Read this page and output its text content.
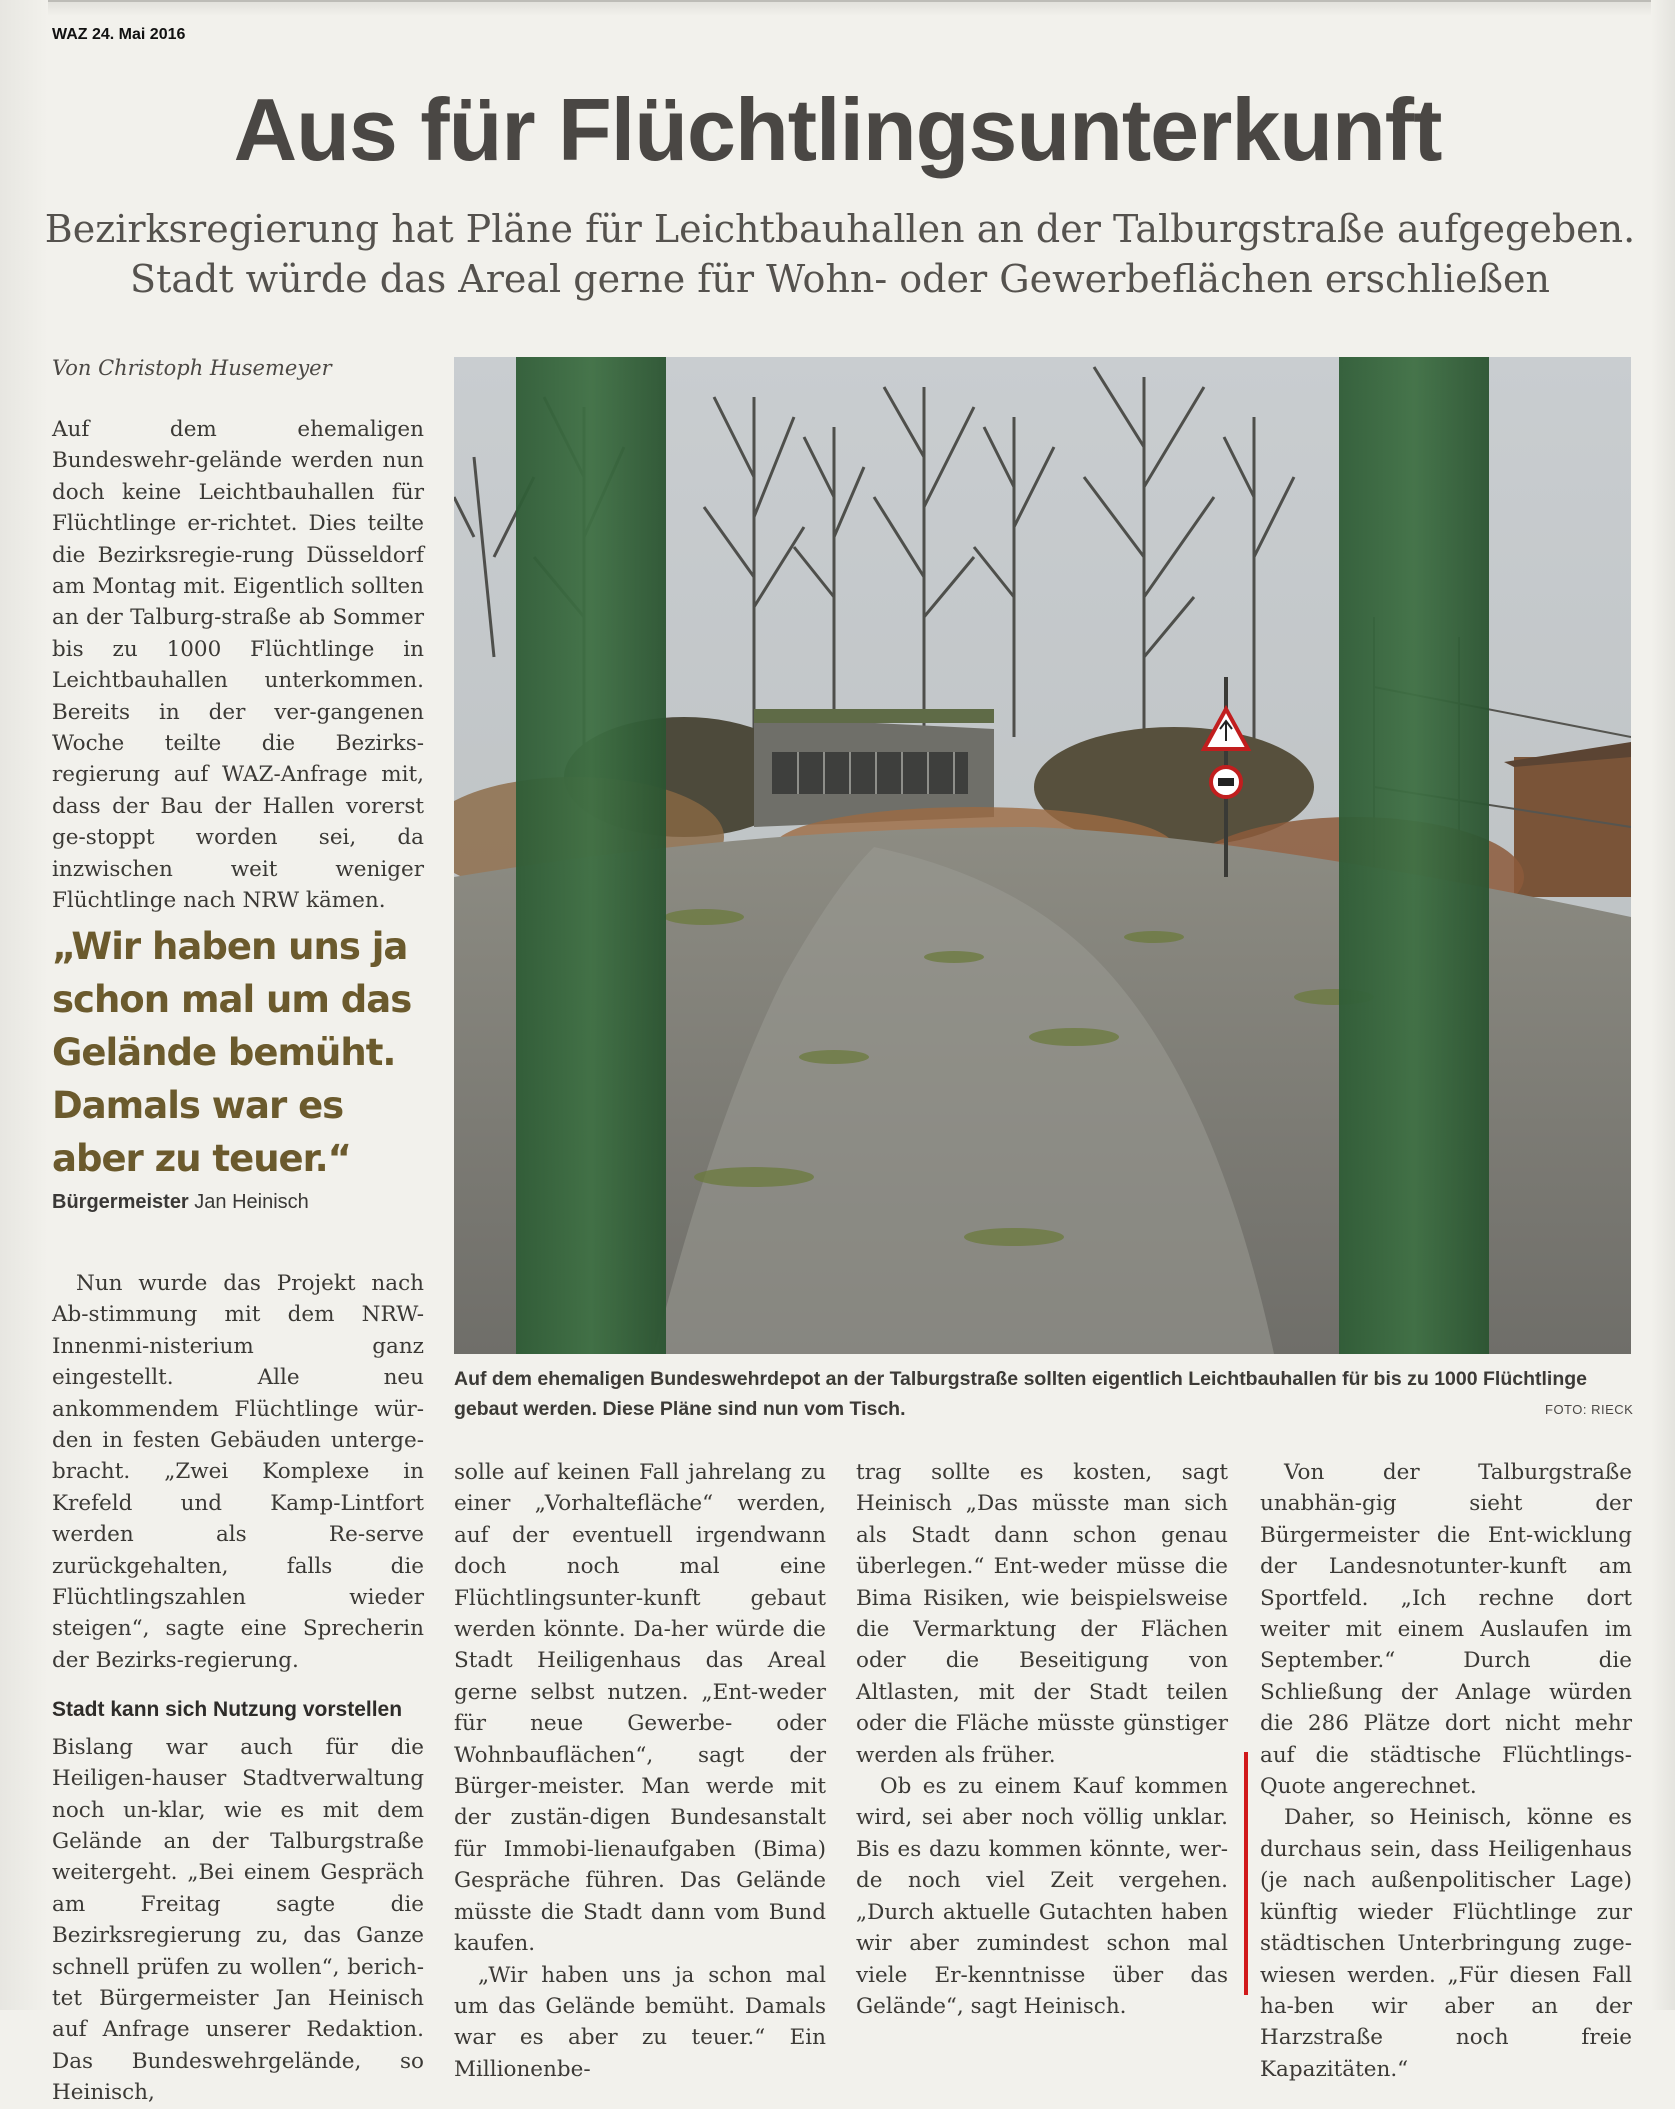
WAZ 24. Mai 2016
Aus für Flüchtlingsunterkunft
Bezirksregierung hat Pläne für Leichtbauhallen an der Talburgstraße aufgegeben.
Stadt würde das Areal gerne für Wohn- oder Gewerbeflächen erschließen
Von Christoph Husemeyer

Auf dem ehemaligen Bundeswehr-gelände werden nun doch keine Leichtbauhallen für Flüchtlinge er-richtet. Dies teilte die Bezirksregie-rung Düsseldorf am Montag mit. Eigentlich sollten an der Talburg-straße ab Sommer bis zu 1000 Flüchtlinge in Leichtbauhallen unterkommen. Bereits in der ver-gangenen Woche teilte die Bezirks-regierung auf WAZ-Anfrage mit, dass der Bau der Hallen vorerst ge-stoppt worden sei, da inzwischen weit weniger Flüchtlinge nach NRW kämen.

„Wir haben uns ja schon mal um das Gelände bemüht. Damals war es aber zu teuer.“
Bürgermeister Jan Heinisch

Nun wurde das Projekt nach Ab-stimmung mit dem NRW-Innenmi-nisterium ganz eingestellt. Alle neu ankommendem Flüchtlinge wür-den in festen Gebäuden unterge-bracht. „Zwei Komplexe in Krefeld und Kamp-Lintfort werden als Re-serve zurückgehalten, falls die Flüchtlingszahlen wieder steigen“, sagte eine Sprecherin der Bezirks-regierung.

Stadt kann sich Nutzung vorstellen

Bislang war auch für die Heiligen-hauser Stadtverwaltung noch un-klar, wie es mit dem Gelände an der Talburgstraße weitergeht. „Bei einem Gespräch am Freitag sagte die Bezirksregierung zu, das Ganze schnell prüfen zu wollen“, berich-tet Bürgermeister Jan Heinisch auf Anfrage unserer Redaktion. Das Bundeswehrgelände, so Heinisch,

Auf dem ehemaligen Bundeswehrdepot an der Talburgstraße sollten eigentlich Leichtbauhallen für bis zu 1000 Flüchtlinge gebaut werden. Diese Pläne sind nun vom Tisch.	FOTO: RIECK

solle auf keinen Fall jahrelang zu einer „Vorhaltefläche“ werden, auf der eventuell irgendwann doch noch mal eine Flüchtlingsunter-kunft gebaut werden könnte. Da-her würde die Stadt Heiligenhaus das Areal gerne selbst nutzen. „Ent-weder für neue Gewerbe- oder Wohnbauflächen“, sagt der Bürger-meister. Man werde mit der zustän-digen Bundesanstalt für Immobi-lienaufgaben (Bima) Gespräche führen. Das Gelände müsste die Stadt dann vom Bund kaufen.

„Wir haben uns ja schon mal um das Gelände bemüht. Damals war es aber zu teuer.“ Ein Millionenbe-

trag sollte es kosten, sagt Heinisch „Das müsste man sich als Stadt dann schon genau überlegen.“ Ent-weder müsse die Bima Risiken, wie beispielsweise die Vermarktung der Flächen oder die Beseitigung von Altlasten, mit der Stadt teilen oder die Fläche müsste günstiger werden als früher.

Ob es zu einem Kauf kommen wird, sei aber noch völlig unklar. Bis es dazu kommen könnte, wer-de noch viel Zeit vergehen. „Durch aktuelle Gutachten haben wir aber zumindest schon mal viele Er-kenntnisse über das Gelände“, sagt Heinisch.

Von der Talburgstraße unabhän-gig sieht der Bürgermeister die Ent-wicklung der Landesnotunter-kunft am Sportfeld. „Ich rechne dort weiter mit einem Auslaufen im September.“ Durch die Schließung der Anlage würden die 286 Plätze dort nicht mehr auf die städtische Flüchtlings-Quote angerechnet.

Daher, so Heinisch, könne es durchaus sein, dass Heiligenhaus (je nach außenpolitischer Lage) künftig wieder Flüchtlinge zur städtischen Unterbringung zuge-wiesen werden. „Für diesen Fall ha-ben wir aber an der Harzstraße noch freie Kapazitäten.“
